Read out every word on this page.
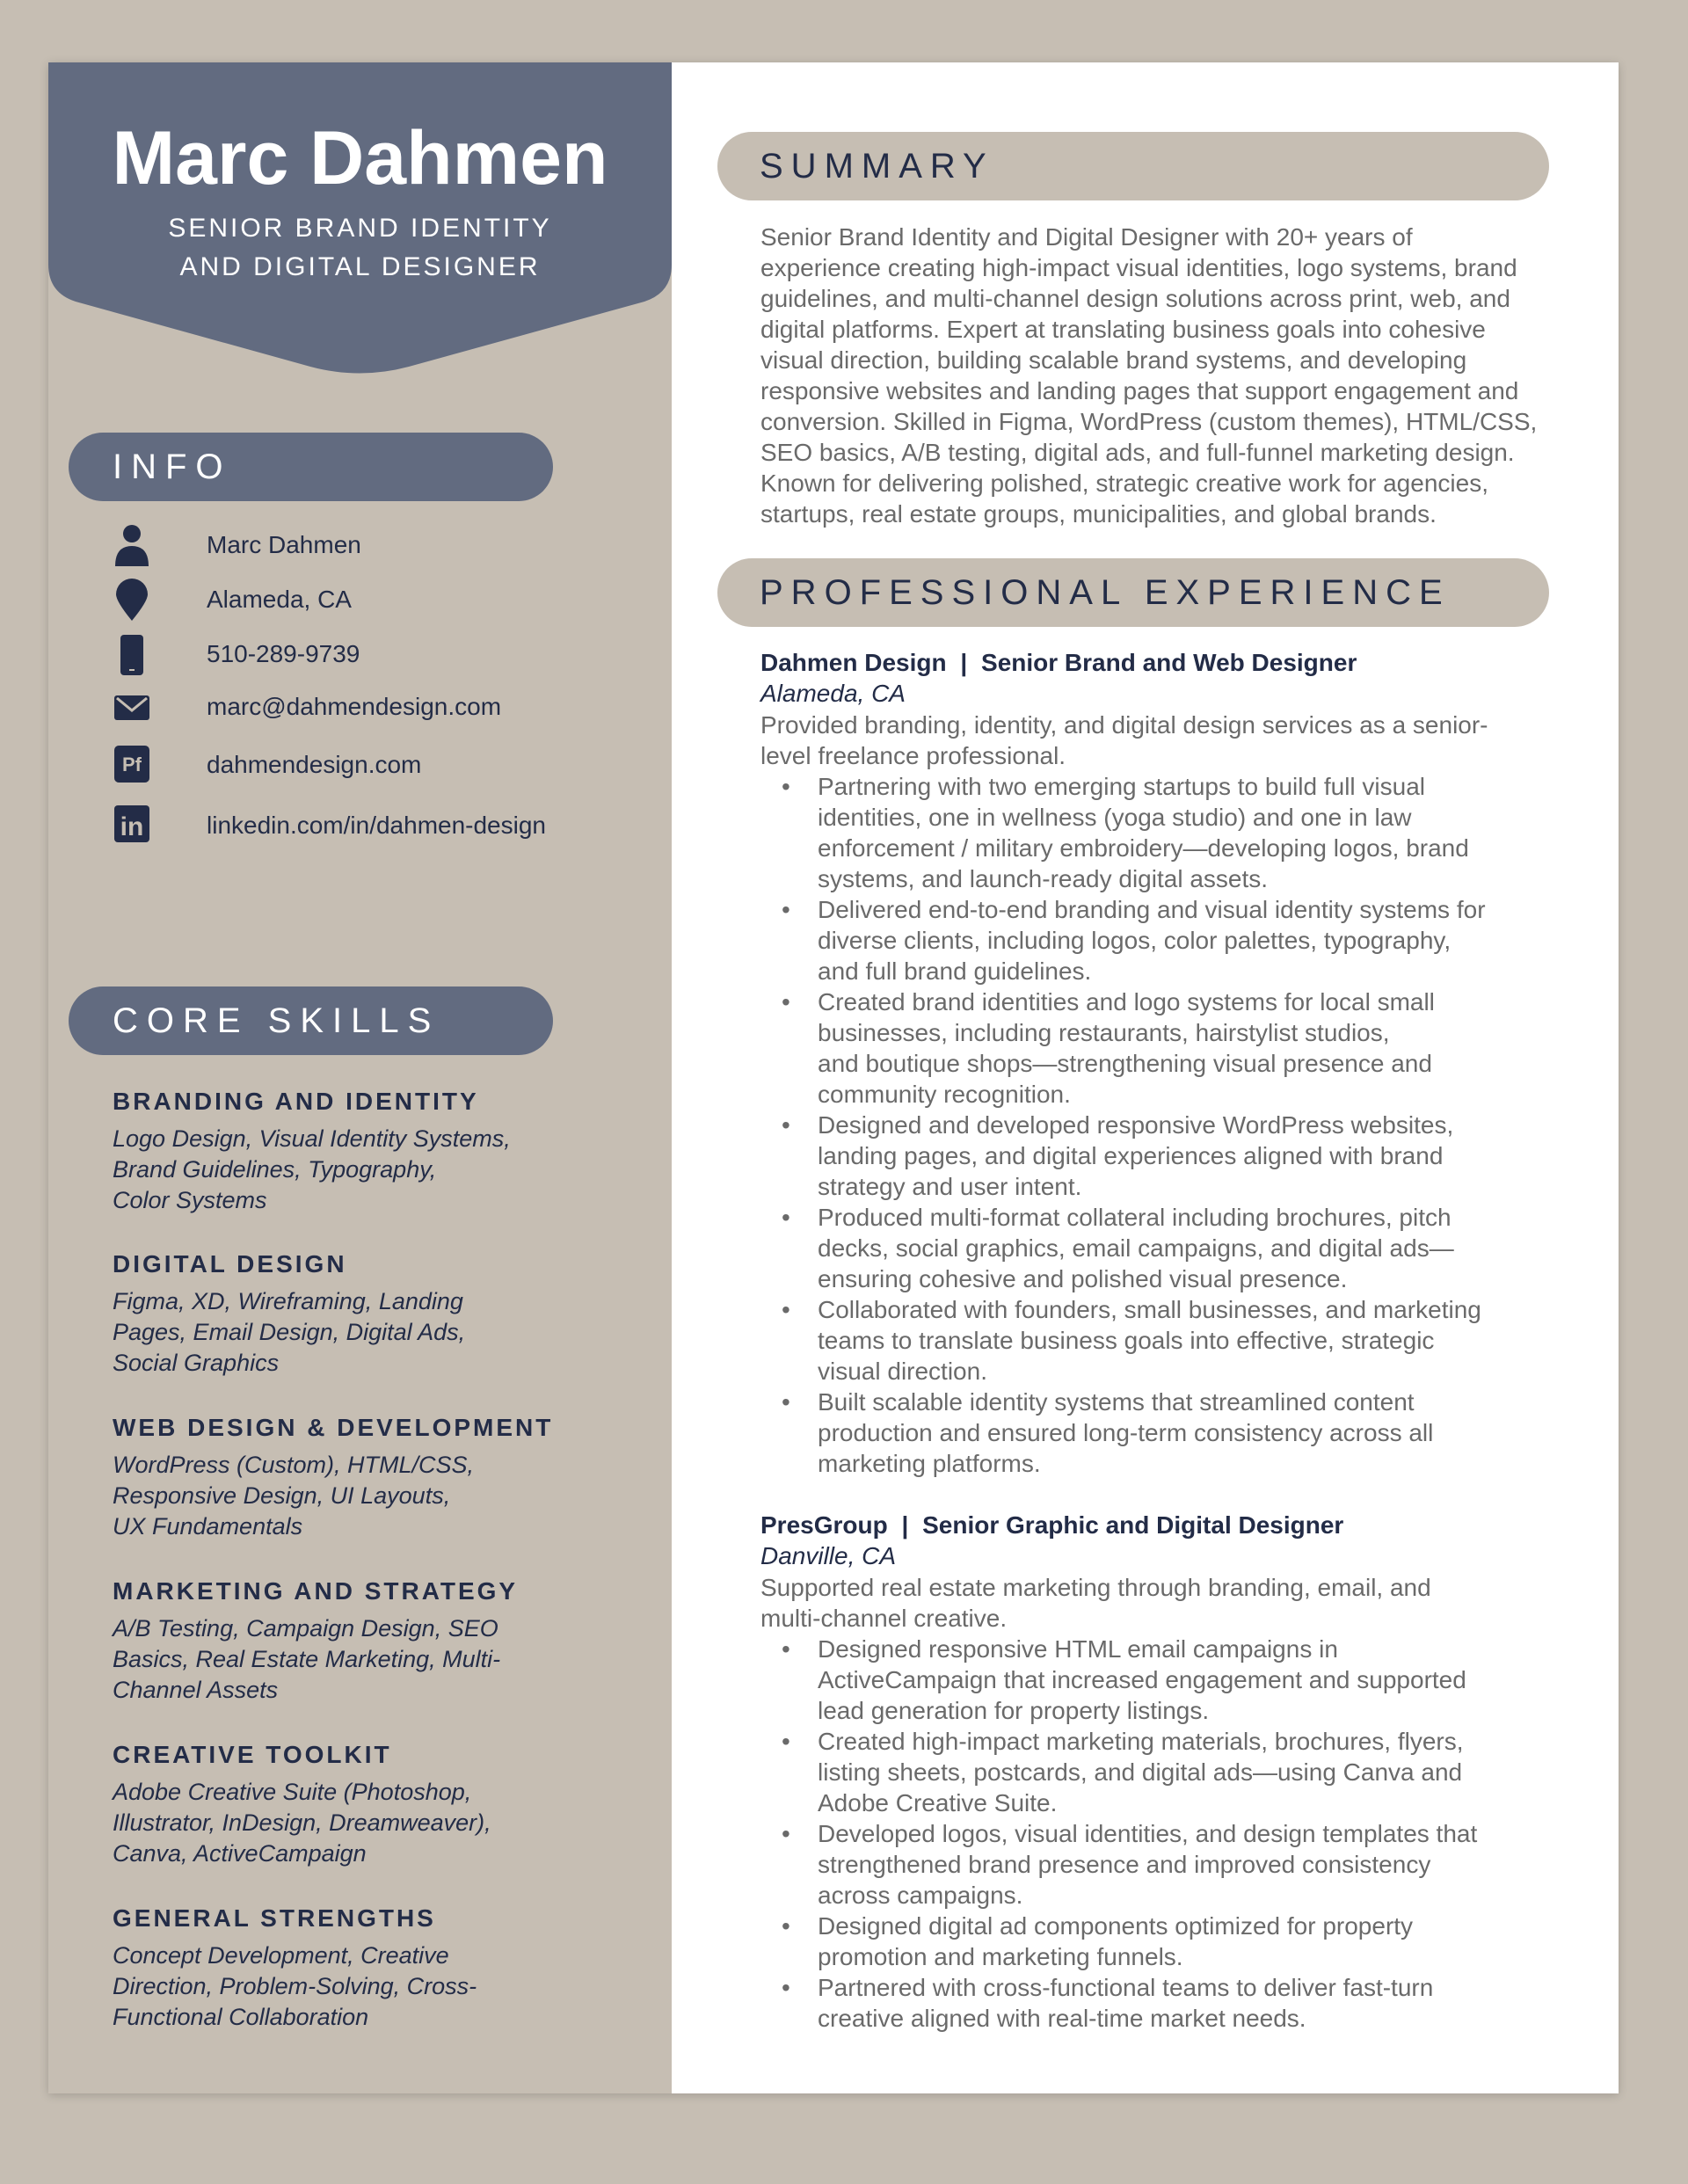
Marc Dahmen
SENIOR BRAND IDENTITY
AND DIGITAL DESIGNER
INFO
Marc Dahmen
Alameda, CA
510-289-9739
marc@dahmendesign.com
Pf	dahmendesign.com
in	linkedin.com/in/dahmen-design
CORE SKILLS
BRANDING AND IDENTITY
Logo Design, Visual Identity Systems,
Brand Guidelines, Typography,
Color Systems
DIGITAL DESIGN
Figma, XD, Wireframing, Landing
Pages, Email Design, Digital Ads,
Social Graphics
WEB DESIGN & DEVELOPMENT
WordPress (Custom), HTML/CSS,
Responsive Design, UI Layouts,
UX Fundamentals
MARKETING AND STRATEGY
A/B Testing, Campaign Design, SEO
Basics, Real Estate Marketing, Multi-
Channel Assets
CREATIVE TOOLKIT
Adobe Creative Suite (Photoshop,
Illustrator, InDesign, Dreamweaver),
Canva, ActiveCampaign
GENERAL STRENGTHS
Concept Development, Creative
Direction, Problem-Solving, Cross-
Functional Collaboration
SUMMARY
Senior Brand Identity and Digital Designer with 20+ years of
experience creating high-impact visual identities, logo systems, brand
guidelines, and multi-channel design solutions across print, web, and
digital platforms. Expert at translating business goals into cohesive
visual direction, building scalable brand systems, and developing
responsive websites and landing pages that support engagement and
conversion. Skilled in Figma, WordPress (custom themes), HTML/CSS,
SEO basics, A/B testing, digital ads, and full-funnel marketing design.
Known for delivering polished, strategic creative work for agencies,
startups, real estate groups, municipalities, and global brands.
PROFESSIONAL EXPERIENCE
Dahmen Design | Senior Brand and Web Designer
Alameda, CA
Provided branding, identity, and digital design services as a senior-
level freelance professional.
• Partnering with two emerging startups to build full visual
identities, one in wellness (yoga studio) and one in law
enforcement / military embroidery—developing logos, brand
systems, and launch-ready digital assets.
• Delivered end-to-end branding and visual identity systems for
diverse clients, including logos, color palettes, typography,
and full brand guidelines.
• Created brand identities and logo systems for local small
businesses, including restaurants, hairstylist studios,
and boutique shops—strengthening visual presence and
community recognition.
• Designed and developed responsive WordPress websites,
landing pages, and digital experiences aligned with brand
strategy and user intent.
• Produced multi-format collateral including brochures, pitch
decks, social graphics, email campaigns, and digital ads—
ensuring cohesive and polished visual presence.
• Collaborated with founders, small businesses, and marketing
teams to translate business goals into effective, strategic
visual direction.
• Built scalable identity systems that streamlined content
production and ensured long-term consistency across all
marketing platforms.
PresGroup | Senior Graphic and Digital Designer
Danville, CA
Supported real estate marketing through branding, email, and
multi-channel creative.
• Designed responsive HTML email campaigns in
ActiveCampaign that increased engagement and supported
lead generation for property listings.
• Created high-impact marketing materials, brochures, flyers,
listing sheets, postcards, and digital ads—using Canva and
Adobe Creative Suite.
• Developed logos, visual identities, and design templates that
strengthened brand presence and improved consistency
across campaigns.
• Designed digital ad components optimized for property
promotion and marketing funnels.
• Partnered with cross-functional teams to deliver fast-turn
creative aligned with real-time market needs.
